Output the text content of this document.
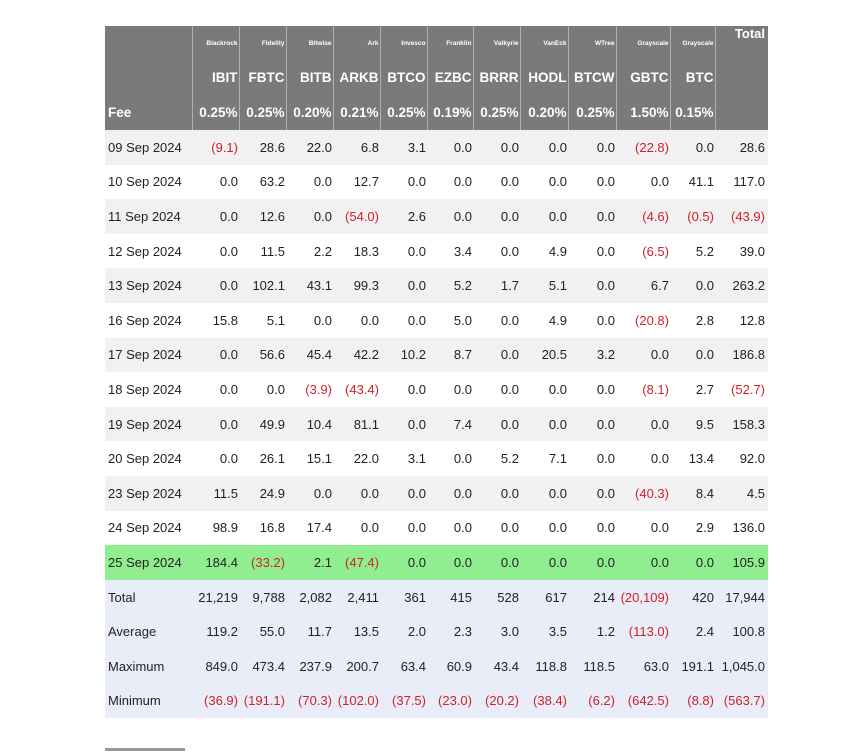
	Blackrock	Fidelity	Bitwise	Ark	Invesco	Franklin	Valkyrie	VanEck	WTree	Grayscale	Grayscale	Total
	IBIT	FBTC	BITB	ARKB	BTCO	EZBC	BRRR	HODL	BTCW	GBTC	BTC	
Fee	0.25%	0.25%	0.20%	0.21%	0.25%	0.19%	0.25%	0.20%	0.25%	1.50%	0.15%	
09 Sep 2024	(9.1)	28.6	22.0	6.8	3.1	0.0	0.0	0.0	0.0	(22.8)	0.0	28.6
10 Sep 2024	0.0	63.2	0.0	12.7	0.0	0.0	0.0	0.0	0.0	0.0	41.1	117.0
11 Sep 2024	0.0	12.6	0.0	(54.0)	2.6	0.0	0.0	0.0	0.0	(4.6)	(0.5)	(43.9)
12 Sep 2024	0.0	11.5	2.2	18.3	0.0	3.4	0.0	4.9	0.0	(6.5)	5.2	39.0
13 Sep 2024	0.0	102.1	43.1	99.3	0.0	5.2	1.7	5.1	0.0	6.7	0.0	263.2
16 Sep 2024	15.8	5.1	0.0	0.0	0.0	5.0	0.0	4.9	0.0	(20.8)	2.8	12.8
17 Sep 2024	0.0	56.6	45.4	42.2	10.2	8.7	0.0	20.5	3.2	0.0	0.0	186.8
18 Sep 2024	0.0	0.0	(3.9)	(43.4)	0.0	0.0	0.0	0.0	0.0	(8.1)	2.7	(52.7)
19 Sep 2024	0.0	49.9	10.4	81.1	0.0	7.4	0.0	0.0	0.0	0.0	9.5	158.3
20 Sep 2024	0.0	26.1	15.1	22.0	3.1	0.0	5.2	7.1	0.0	0.0	13.4	92.0
23 Sep 2024	11.5	24.9	0.0	0.0	0.0	0.0	0.0	0.0	0.0	(40.3)	8.4	4.5
24 Sep 2024	98.9	16.8	17.4	0.0	0.0	0.0	0.0	0.0	0.0	0.0	2.9	136.0
25 Sep 2024	184.4	(33.2)	2.1	(47.4)	0.0	0.0	0.0	0.0	0.0	0.0	0.0	105.9
Total	21,219	9,788	2,082	2,411	361	415	528	617	214	(20,109)	420	17,944
Average	119.2	55.0	11.7	13.5	2.0	2.3	3.0	3.5	1.2	(113.0)	2.4	100.8
Maximum	849.0	473.4	237.9	200.7	63.4	60.9	43.4	118.8	118.5	63.0	191.1	1,045.0
Minimum	(36.9)	(191.1)	(70.3)	(102.0)	(37.5)	(23.0)	(20.2)	(38.4)	(6.2)	(642.5)	(8.8)	(563.7)
